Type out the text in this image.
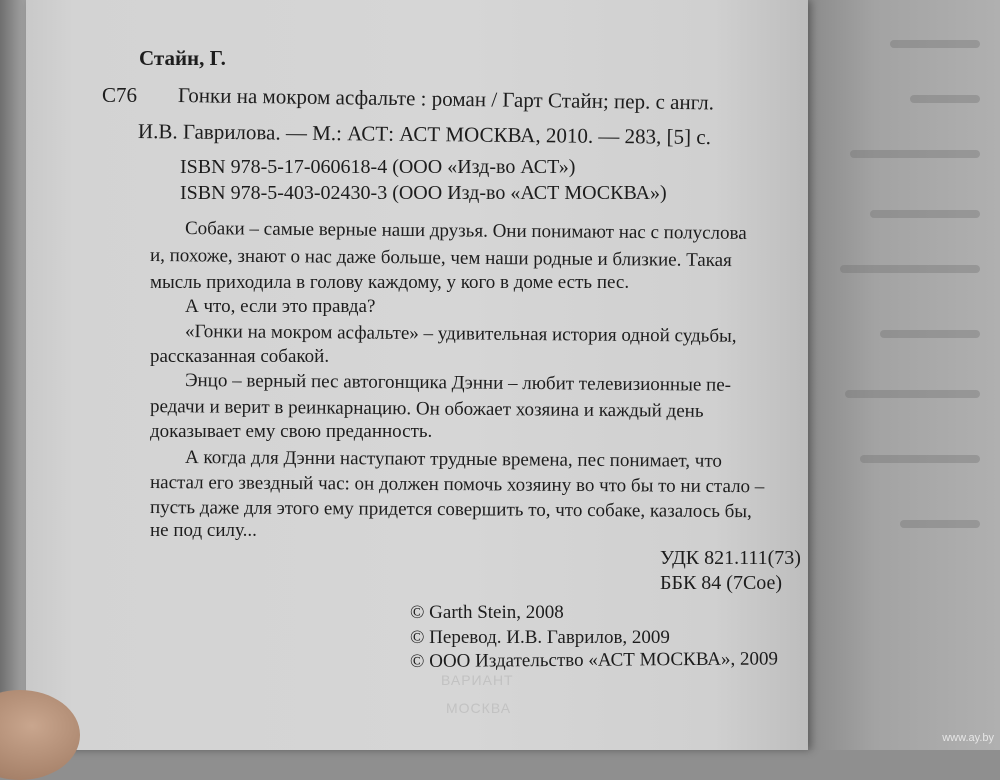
ВАРИАНТ
МОСКВА
Стайн, Г.
С76 Гонки на мокром асфальте : роман / Гарт Стайн; пер. с англ.
И.В. Гаврилова. — М.: АСТ: АСТ МОСКВА, 2010. — 283, [5] с.
ISBN 978-5-17-060618-4 (ООО «Изд-во АСТ»)
ISBN 978-5-403-02430-3 (ООО Изд-во «АСТ МОСКВА»)
Собаки – самые верные наши друзья. Они понимают нас с полуслова
и, похоже, знают о нас даже больше, чем наши родные и близкие. Такая
мысль приходила в голову каждому, у кого в доме есть пес.
А что, если это правда?
«Гонки на мокром асфальте» – удивительная история одной судьбы,
рассказанная собакой.
Энцо – верный пес автогонщика Дэнни – любит телевизионные пе-
редачи и верит в реинкарнацию. Он обожает хозяина и каждый день
доказывает ему свою преданность.
А когда для Дэнни наступают трудные времена, пес понимает, что
настал его звездный час: он должен помочь хозяину во что бы то ни стало –
пусть даже для этого ему придется совершить то, что собаке, казалось бы,
не под силу...
УДК 821.111(73)
ББК 84 (7Сое)
© Garth Stein, 2008
© Перевод. И.В. Гаврилов, 2009
© ООО Издательство «АСТ МОСКВА», 2009
www.ay.by
